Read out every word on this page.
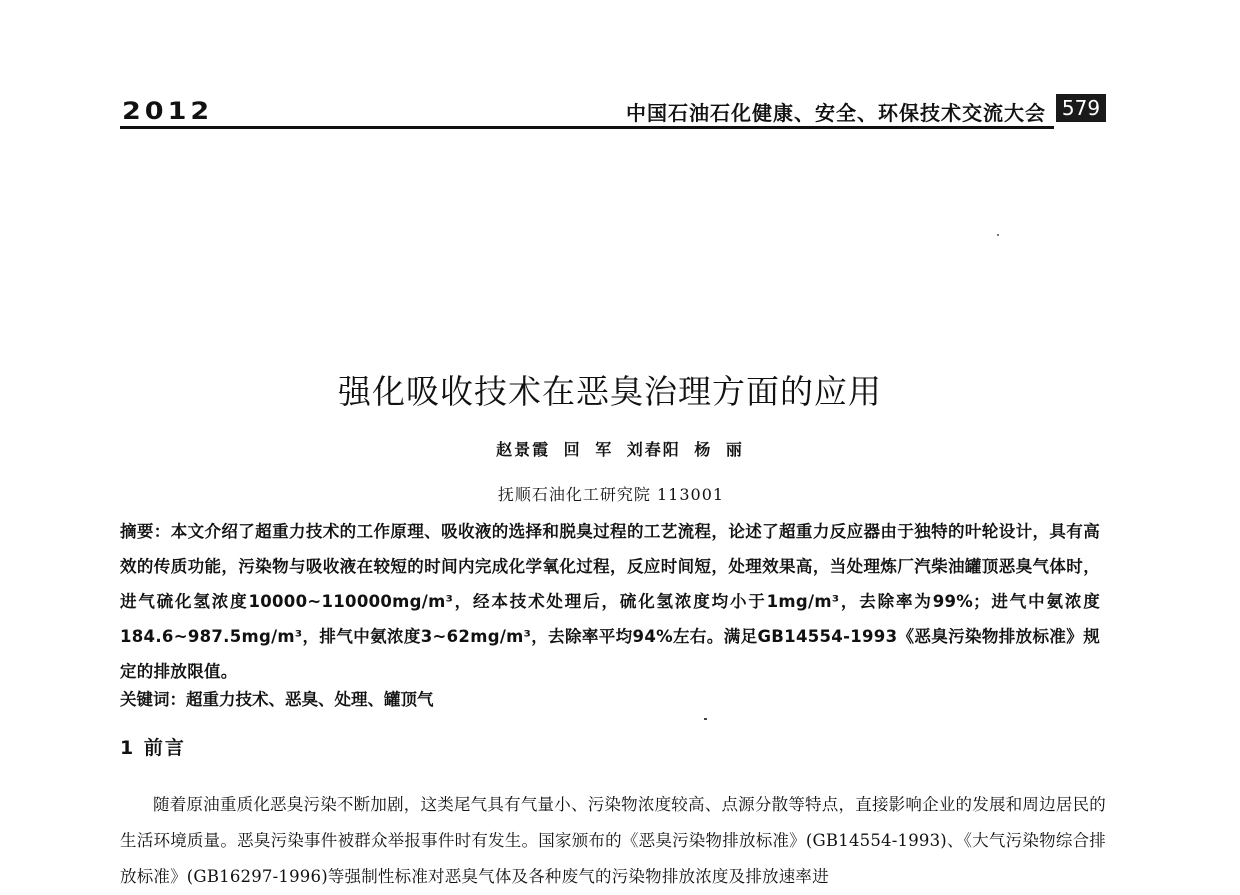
2012	中国石油石化健康、安全、环保技术交流大会 579
强化吸收技术在恶臭治理方面的应用
赵景霞 回 军 刘春阳 杨 丽
抚顺石油化工研究院 113001
摘要：本文介绍了超重力技术的工作原理、吸收液的选择和脱臭过程的工艺流程，论述了超重力反应器由于独特的叶轮设计，具有高效的传质功能，污染物与吸收液在较短的时间内完成化学氧化过程，反应时间短，处理效果高，当处理炼厂汽柴油罐顶恶臭气体时，进气硫化氢浓度10000~110000mg/m³，经本技术处理后，硫化氢浓度均小于1mg/m³，去除率为99%；进气中氨浓度184.6~987.5mg/m³，排气中氨浓度3~62mg/m³，去除率平均94%左右。满足GB14554-1993《恶臭污染物排放标准》规定的排放限值。
关键词：超重力技术、恶臭、处理、罐顶气
1 前言
随着原油重质化恶臭污染不断加剧，这类尾气具有气量小、污染物浓度较高、点源分散等特点，直接影响企业的发展和周边居民的生活环境质量。恶臭污染事件被群众举报事件时有发生。国家颁布的《恶臭污染物排放标准》(GB14554-1993)、《大气污染物综合排放标准》(GB16297-1996)等强制性标准对恶臭气体及各种废气的污染物排放浓度及排放速率进
